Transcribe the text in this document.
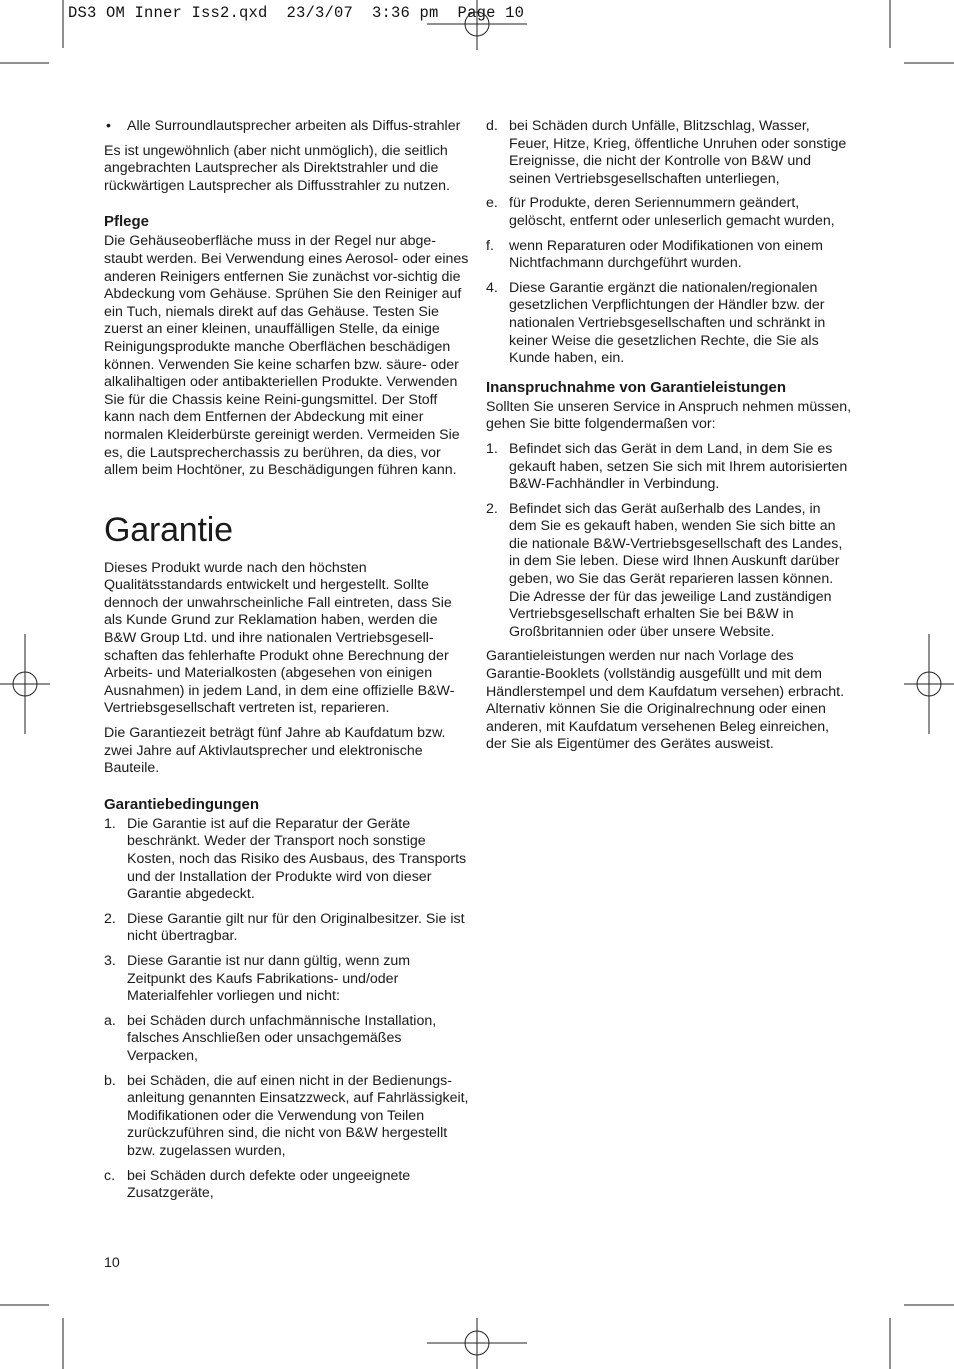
DS3 OM Inner Iss2.qxd  23/3/07  3:36 pm  Page 10
• Alle Surroundlautsprecher arbeiten als Diffus-strahler

Es ist ungewöhnlich (aber nicht unmöglich), die seitlich angebrachten Lautsprecher als Direktstrahler und die rückwärtigen Lautsprecher als Diffusstrahler zu nutzen.

Pflege

Die Gehäuseoberfläche muss in der Regel nur abge-staubt werden. Bei Verwendung eines Aerosol- oder eines anderen Reinigers entfernen Sie zunächst vor-sichtig die Abdeckung vom Gehäuse. Sprühen Sie den Reiniger auf ein Tuch, niemals direkt auf das Gehäuse. Testen Sie zuerst an einer kleinen, unauffälligen Stelle, da einige Reinigungsprodukte manche Oberflächen beschädigen können. Verwenden Sie keine scharfen bzw. säure- oder alkalihaltigen oder antibakteriellen Produkte. Verwenden Sie für die Chassis keine Reini-gungsmittel. Der Stoff kann nach dem Entfernen der Abdeckung mit einer normalen Kleiderbürste gereinigt werden. Vermeiden Sie es, die Lautsprecherchassis zu berühren, da dies, vor allem beim Hochtöner, zu Beschädigungen führen kann.

Garantie

Dieses Produkt wurde nach den höchsten Qualitätsstandards entwickelt und hergestellt. Sollte dennoch der unwahrscheinliche Fall eintreten, dass Sie als Kunde Grund zur Reklamation haben, werden die B&W Group Ltd. und ihre nationalen Vertriebsgesell-schaften das fehlerhafte Produkt ohne Berechnung der Arbeits- und Materialkosten (abgesehen von einigen Ausnahmen) in jedem Land, in dem eine offizielle B&W-Vertriebsgesellschaft vertreten ist, reparieren.

Die Garantiezeit beträgt fünf Jahre ab Kaufdatum bzw. zwei Jahre auf Aktivlautsprecher und elektronische Bauteile.

Garantiebedingungen
1. Die Garantie ist auf die Reparatur der Geräte beschränkt. Weder der Transport noch sonstige Kosten, noch das Risiko des Ausbaus, des Transports und der Installation der Produkte wird von dieser Garantie abgedeckt.
2. Diese Garantie gilt nur für den Originalbesitzer. Sie ist nicht übertragbar.
3. Diese Garantie ist nur dann gültig, wenn zum Zeitpunkt des Kaufs Fabrikations- und/oder Materialfehler vorliegen und nicht:
a. bei Schäden durch unfachmännische Installation, falsches Anschließen oder unsachgemäßes Verpacken,
b. bei Schäden, die auf einen nicht in der Bedienungs-anleitung genannten Einsatzzweck, auf Fahrlässigkeit, Modifikationen oder die Verwendung von Teilen zurückzuführen sind, die nicht von B&W hergestellt bzw. zugelassen wurden,
c. bei Schäden durch defekte oder ungeeignete Zusatzgeräte,
d. bei Schäden durch Unfälle, Blitzschlag, Wasser, Feuer, Hitze, Krieg, öffentliche Unruhen oder sonstige Ereignisse, die nicht der Kontrolle von B&W und seinen Vertriebsgesellschaften unterliegen,
e. für Produkte, deren Seriennummern geändert, gelöscht, entfernt oder unleserlich gemacht wurden,
f. wenn Reparaturen oder Modifikationen von einem Nichtfachmann durchgeführt wurden.
4. Diese Garantie ergänzt die nationalen/regionalen gesetzlichen Verpflichtungen der Händler bzw. der nationalen Vertriebsgesellschaften und schränkt in keiner Weise die gesetzlichen Rechte, die Sie als Kunde haben, ein.
Inanspruchnahme von Garantieleistungen

Sollten Sie unseren Service in Anspruch nehmen müssen, gehen Sie bitte folgendermaßen vor:

1. Befindet sich das Gerät in dem Land, in dem Sie es gekauft haben, setzen Sie sich mit Ihrem autorisierten B&W-Fachhändler in Verbindung.
2. Befindet sich das Gerät außerhalb des Landes, in dem Sie es gekauft haben, wenden Sie sich bitte an die nationale B&W-Vertriebsgesellschaft des Landes, in dem Sie leben. Diese wird Ihnen Auskunft darüber geben, wo Sie das Gerät reparieren lassen können. Die Adresse der für das jeweilige Land zuständigen Vertriebsgesellschaft erhalten Sie bei B&W in Großbritannien oder über unsere Website.

Garantieleistungen werden nur nach Vorlage des Garantie-Booklets (vollständig ausgefüllt und mit dem Händlerstempel und dem Kaufdatum versehen) erbracht. Alternativ können Sie die Originalrechnung oder einen anderen, mit Kaufdatum versehenen Beleg einreichen, der Sie als Eigentümer des Gerätes ausweist.

10
